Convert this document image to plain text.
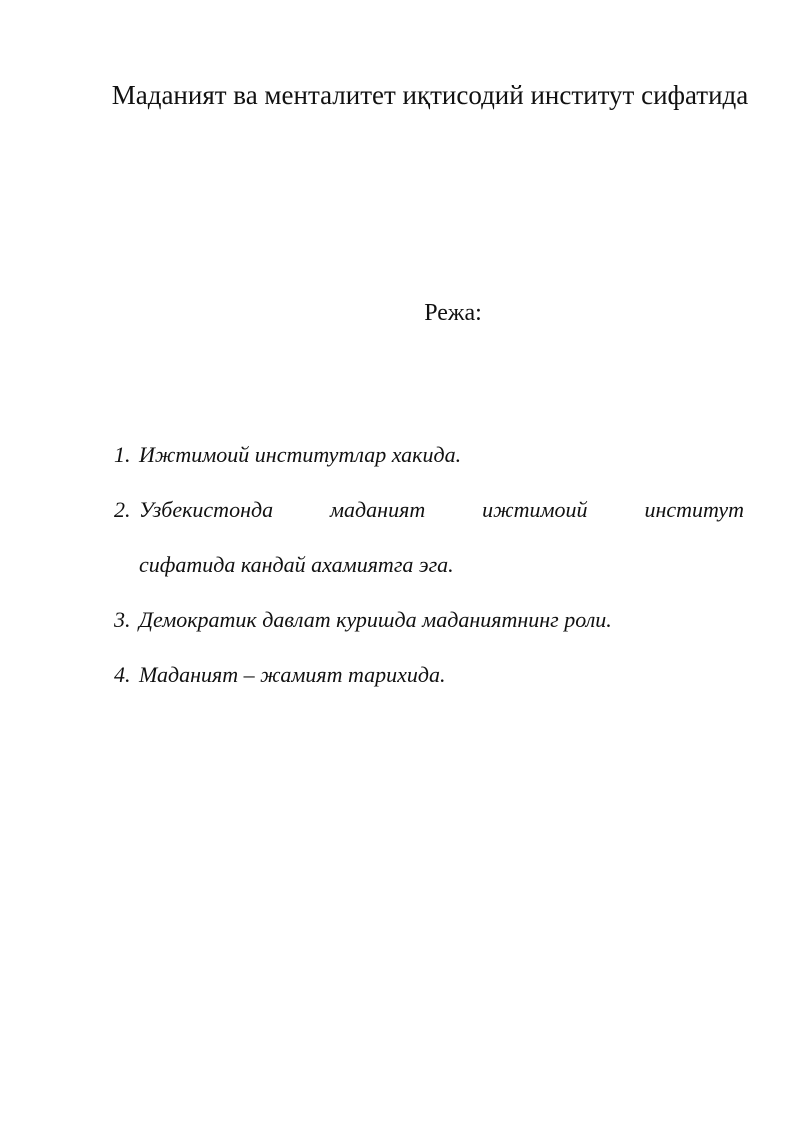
Маданият ва менталитет иқтисодий институт сифатида
Режа:
1. Ижтимоий институтлар хакида.
2. Узбекистонда	маданият	ижтимоий	институт
сифатида кандай ахамиятга эга.
3. Демократик давлат куришда маданиятнинг роли.
4. Маданият – жамият тарихида.
